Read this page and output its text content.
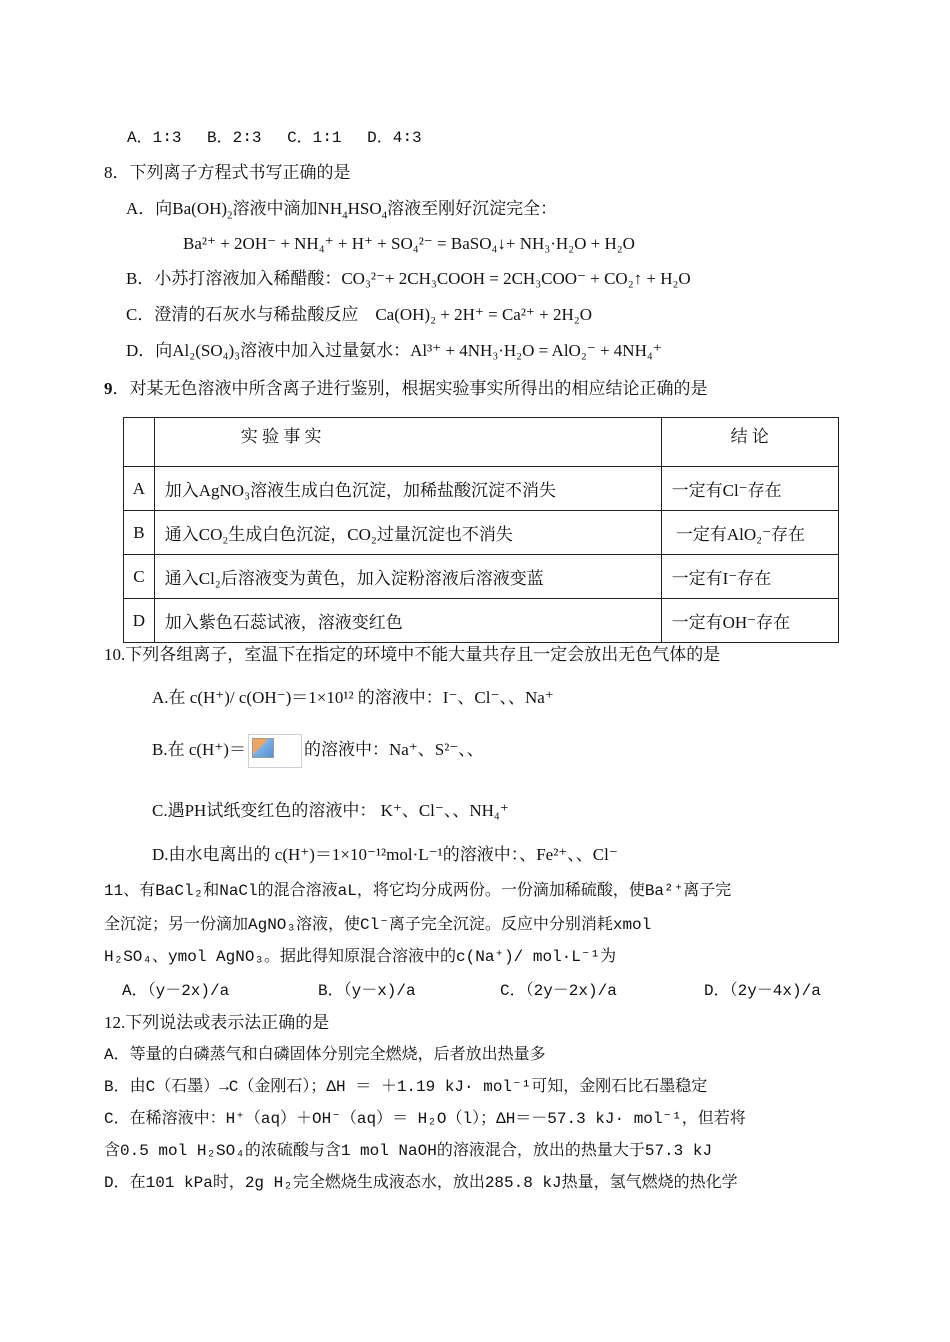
A．1∶3　 B．2∶3　 C．1∶1　 D．4∶3
8．下列离子方程式书写正确的是
A．向$Ba(OH)_2$溶液中滴加$NH_4HSO_4$溶液至刚好沉淀完全：
Ba²⁺ + 2OH⁻ + NH₄⁺ + H⁺ + SO₄²⁻ = BaSO₄↓+ NH₃·H₂O + H₂O
B．小苏打溶液加入稀醋酸：CO₃²⁻+ 2CH₃COOH = 2CH₃COO⁻ + CO₂↑ + H₂O
C．澄清的石灰水与稀盐酸反应　Ca(OH)₂ + 2H⁺ = Ca²⁺ + 2H₂O
D．向Al₂(SO₄)₃溶液中加入过量氨水：Al³⁺ + 4NH₃·H₂O = AlO₂⁻ + 4NH₄⁺
9．对某无色溶液中所含离子进行鉴别，根据实验事实所得出的相应结论正确的是
	实 验 事 实	结 论
A	加入AgNO₃溶液生成白色沉淀，加稀盐酸沉淀不消失	一定有Cl⁻存在
B	通入CO₂生成白色沉淀，CO₂过量沉淀也不消失	一定有AlO₂⁻存在
C	通入Cl₂后溶液变为黄色，加入淀粉溶液后溶液变蓝	一定有I⁻存在
D	加入紫色石蕊试液，溶液变红色	一定有OH⁻存在
10.下列各组离子，室温下在指定的环境中不能大量共存且一定会放出无色气体的是
A.在 c(H⁺)/ c(OH⁻)＝1×10¹² 的溶液中：I⁻、Cl⁻、、Na⁺
B.在 c(H⁺)＝	的溶液中：Na⁺、S²⁻、、
C.遇PH试纸变红色的溶液中： K⁺、Cl⁻、、NH₄⁺
D.由水电离出的 c(H⁺)＝1×10⁻¹²mol·L⁻¹的溶液中：、Fe²⁺、、Cl⁻
11、有BaCl₂和NaCl的混合溶液aL，将它均分成两份。一份滴加稀硫酸，使Ba²⁺离子完
全沉淀；另一份滴加AgNO₃溶液，使Cl⁻离子完全沉淀。反应中分别消耗xmol
H₂SO₄、ymol AgNO₃。据此得知原混合溶液中的c(Na⁺)/ mol·L⁻¹为
A．（y－2x)/a	B．（y－x)/a	C．（2y－2x)/a	D．（2y－4x)/a
12.下列说法或表示法正确的是
A．等量的白磷蒸气和白磷固体分别完全燃烧，后者放出热量多
B．由C（石墨）→C（金刚石）；ΔH ＝ ＋1.19 kJ· mol⁻¹可知，金刚石比石墨稳定
C．在稀溶液中：H⁺（aq）＋OH⁻（aq）＝ H₂O（l）；ΔH＝－57.3 kJ· mol⁻¹，但若将
含0.5 mol H₂SO₄的浓硫酸与含1 mol NaOH的溶液混合，放出的热量大于57.3 kJ
D．在101 kPa时，2g H₂完全燃烧生成液态水，放出285.8 kJ热量，氢气燃烧的热化学
